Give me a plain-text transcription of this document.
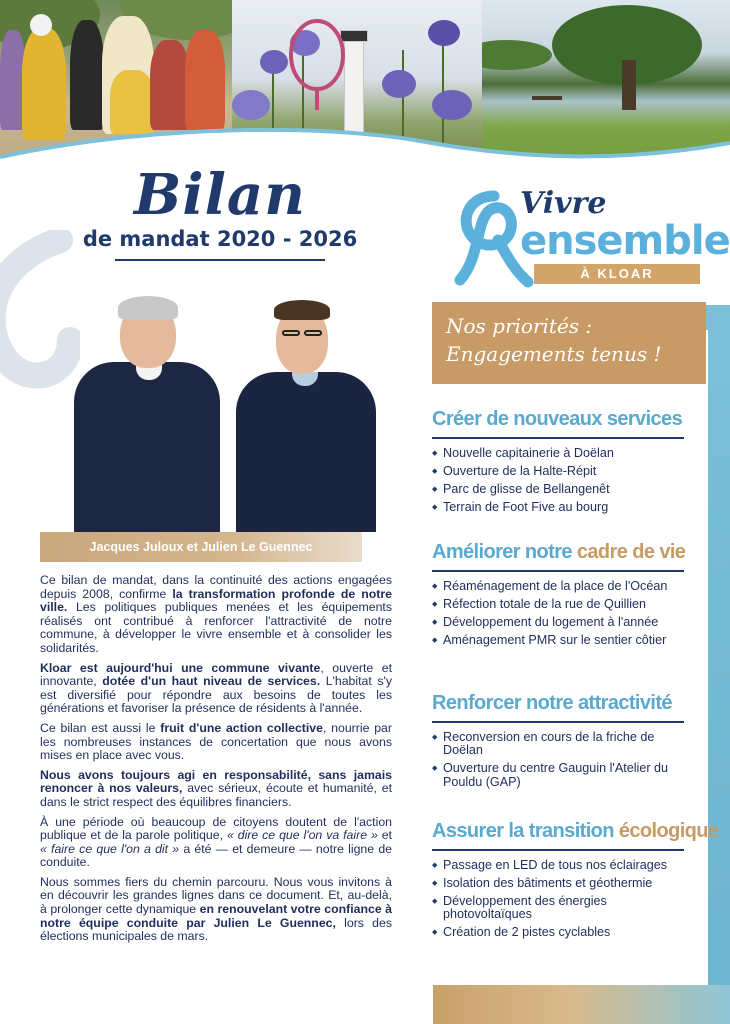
Bilan
de mandat 2020 - 2026
Vivre
ensemble
À KLOAR
Jacques Juloux et Julien Le Guennec

Ce bilan de mandat, dans la continuité des actions engagées depuis 2008, confirme la transformation profonde de notre ville. Les politiques publiques menées et les équipements réalisés ont contribué à renforcer l'attractivité de notre commune, à développer le vivre ensemble et à consolider les solidarités.

Kloar est aujourd'hui une commune vivante, ouverte et innovante, dotée d'un haut niveau de services. L'habitat s'y est diversifié pour répondre aux besoins de toutes les générations et favoriser la présence de résidents à l'année.

Ce bilan est aussi le fruit d'une action collective, nourrie par les nombreuses instances de concertation que nous avons mises en place avec vous.

Nous avons toujours agi en responsabilité, sans jamais renoncer à nos valeurs, avec sérieux, écoute et humanité, et dans le strict respect des équilibres financiers.

À une période où beaucoup de citoyens doutent de l'action publique et de la parole politique, « dire ce que l'on va faire » et « faire ce que l'on a dit » a été — et demeure — notre ligne de conduite.

Nous sommes fiers du chemin parcouru. Nous vous invitons à en découvrir les grandes lignes dans ce document. Et, au-delà, à prolonger cette dynamique en renouvelant votre confiance à notre équipe conduite par Julien Le Guennec, lors des élections municipales de mars.

Nos priorités :
Engagements tenus !
Créer de nouveaux services
◆ Nouvelle capitainerie à Doëlan
◆ Ouverture de la Halte-Répit
◆ Parc de glisse de Bellangenêt
◆ Terrain de Foot Five au bourg
Améliorer notre cadre de vie
◆ Réaménagement de la place de l'Océan
◆ Réfection totale de la rue de Quillien
◆ Développement du logement à l'année
◆ Aménagement PMR sur le sentier côtier
Renforcer notre attractivité
◆ Reconversion en cours de la friche de Doëlan
◆ Ouverture du centre Gauguin l'Atelier du Pouldu (GAP)
Assurer la transition écologique
◆ Passage en LED de tous nos éclairages
◆ Isolation des bâtiments et géothermie
◆ Développement des énergies photovoltaïques
◆ Création de 2 pistes cyclables
